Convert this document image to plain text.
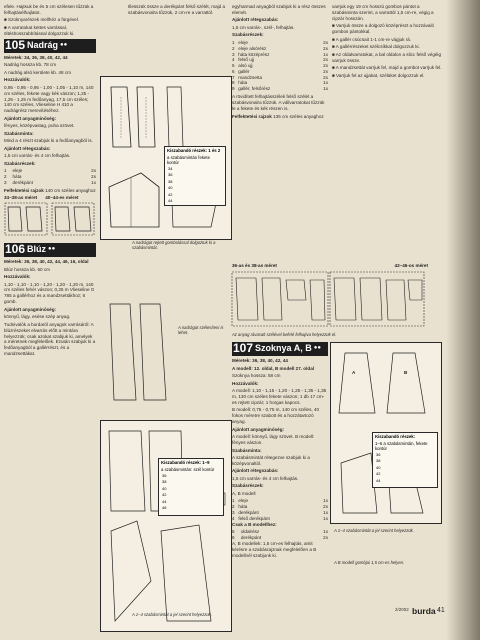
efele. Hajtsuk be és 5 cm szélesen tűzzük a felhajtásélhajlatot.
■ Szoknyarészek mellhéz a fürgével.
■ A varratokat kettes varrással, öltéshosszabbítással dolgozzuk ki.
105 Nadrág ●●
Méretek: 34, 36, 38, 40, 42, 44
Nadrág hossza kb. 78 cm
A nadrág alsó kerülete kb. 48 cm
Hozzávalók:
0,95 - 0,95 - 0,95 - 1,00 - 1,05 - 1,10 m, 140 cm széles, fekete vagy kék vászon; 1,25 - 1,25 - 1,25 m fedőanyag, 17,5 cm széles; 140 cm széles, Vlieseline H 410 a nadrágrész merevítéséhez.
Ajánlott anyagminőség:
fényes, középvastag, puha szövet.
Szabásminta:
Mind a 4 részt szabjuk ki a fedőanyagból is.
Ajánlott rétegszabás:
1,5 cm varrás- és 4 cm felhajtás.
Szabásrészek:
1	eleje	2x
2	háta	2x
3	derékpánt	1x
Felfektetési rajzok 140 cm széles anyaghoz
34–38-as méret 40–44-es méret
106 Blúz ●●
Méretek: 36, 38, 40, 42, 44, 46, 16, oldal
Blúz hossza kb. 60 cm
Hozzávalók:
1,10 - 1,10 - 1,10 - 1,20 - 1,20 - 1,20 m, 140 cm széles fehér vászon; 0,25 m Vlieseline G 785 a gallérhoz és a mandzsettákhoz; 6 gomb.
Ajánlott anyagminőség:
könnyű, lágy, esése szép anyag.
Tudnivalók a burdaról anyagok varrásáról: A blúzrészeket elvarrás előtt a mintára helyezzük; csak azokat szabjuk ki, amelyek a méretnek megfelelőek. Ezután szabjuk ki a fedőanyagból a gallérrészt, és a mandzsettákat.
Illesszük össze a derékpánt felső szélét, majd a szabásvonalra tűzzük, 2 cm-re a varrattól.
Kiszabandó részek: 1 és 2
a szabásmintán fekete kontúr
34
36
38
40
42
44
A nadrágot rejtett gombolással dolgoztuk ki a szabásmintát.
A nadrágot szélesíteni is lehet.
Kiszabandó részek: 1–9
a szabásmintán: szél kontúr
36
38
40
42
44
46
A 1–4 szabásmintát a jel szerint helyezzük.
egyharmad anyagból szabjuk ki a rész összes elemét.
Ajánlott rétegszabás:
1,5 cm varrás-, szél-, felhajtás.
Szabásrészek:
1	eleje	2x
2	eleje alsórész	2x
3	háta középrész	1x
4	felső ujj	2x
5	alsó ujj	2x
6	gallér	2x
7	mandzsetta	2x
8	háta	1x
9	gallér, felsőrész	1x
A rövidített felhajtásszélek felső szélét a szabásvonalra tűzzük. A vállvarratokat tűzzük le a fekete és kék részen is.
Felfektetési rajzok 135 cm széles anyaghoz
36-as és 38-as méret	42–46-os méret
Az anyag rávasalt szélével befelé felhajtva helyezzük el.
varrjuk egy 19 cm hosszú gombos pántot a szabásminta szerint, a varrattól 1,5 cm-re, végig a cipzár hosszán.
■ Varrjuk össze a dolgozó középrészt a hozzávaló gombos pántokkal.
■ A gallér csúcsait 1-1 cm-re vágjuk rá.
■ A gallérrészeket szélcsíkkal dolgozzuk ki.
■ Az oldalvarratokat, a bal oldalon a slicc felső végéig varrjuk össze.
■ A mandzsettát varrjuk fel, majd a gombot varrjuk fel.
■ Varrjuk fel az ujjakat, szélüket dolgozzuk el.
107 Szoknya A, B ●●
Méretek: 36, 38, 40, 42, 44
A modell: 12. oldal, B modell 27. oldal
Szoknya hossza: 58 cm
Hozzávalók:
A modell: 1,10 - 1,15 - 1,20 - 1,25 - 1,35 - 1,35 m, 130 cm széles fekete vászon; 1 db 17 cm-es rejtett cipzár; 1 horgas kapocs.
B modell: 0,75 - 0,75 m, 140 cm széles, 40 fokos méretre szabott és a hozzátartozó anyag.
Ajánlott anyagminőség:
A modell: könnyű, lágy szövet. B modell: fényes vászon.
Szabásminta:
A szabásmintát rétegezve szabjuk ki a középvonaltól.
Ajánlott rétegszabás:
1,5 cm varrás- és 4 cm felhajtás.
Szabásrészek:
A, B modell
1	eleje	1x
2	háta	2x
3	derékpánt	1x
4	felső derékpánt	1x
Csak a B modellhez:
5	oldalrész	1x
6	derékpánt	2x
A, B modellek: 1,5 cm-es felhajtás, amit kérésre a szabásrajznak megfelelően a B modellnél szabjunk ki.
A	B
Kiszabandó részek:
1–6 a szabásmintán, fekete kontúr
36
38
40
42
44
A 1–4 szabásmintát a jel szerint helyezzük.
A B modell gombjai 1,5 cm-es helyen.
2/2002 burda 41
